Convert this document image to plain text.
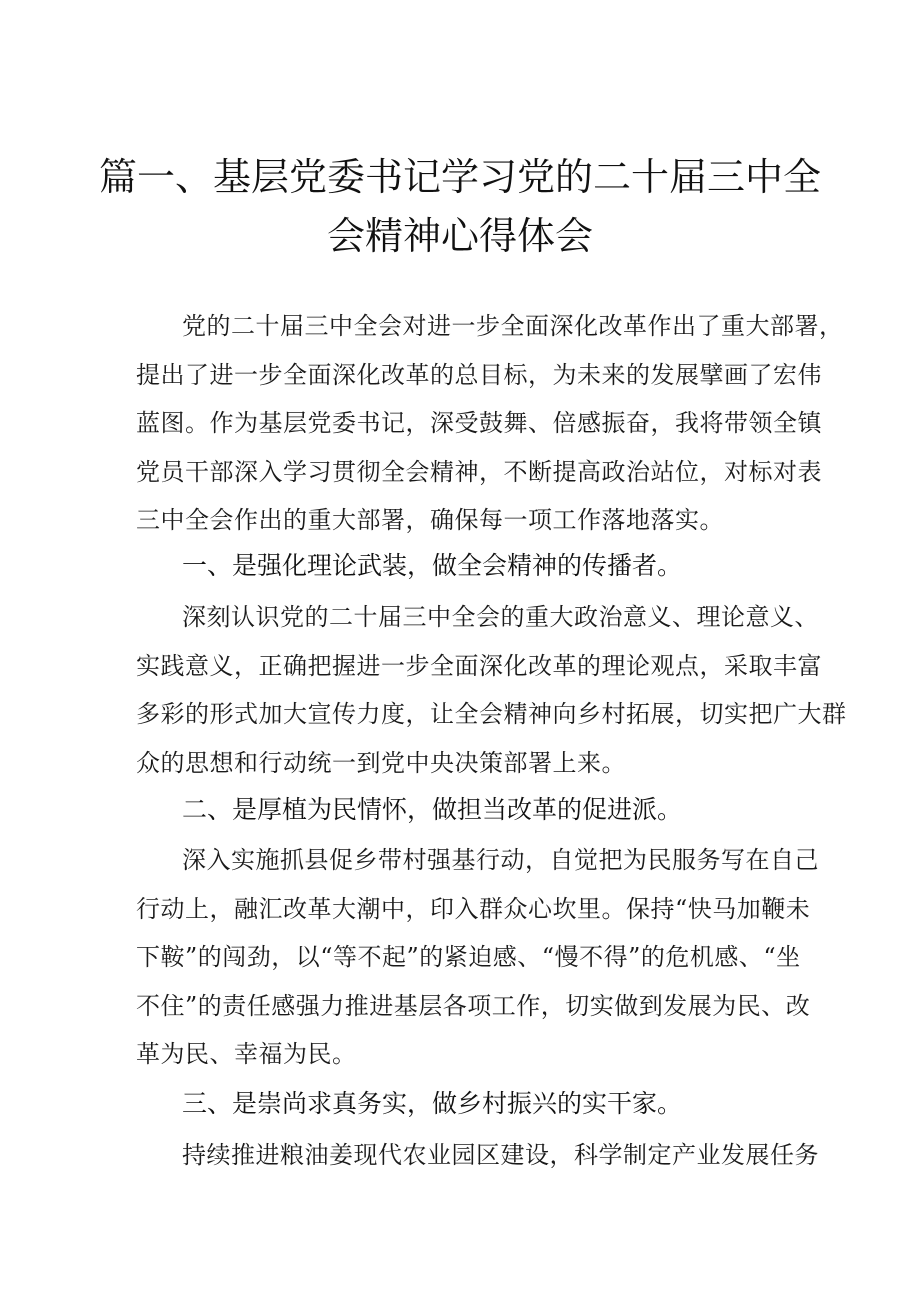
篇一、基层党委书记学习党的二十届三中全
会精神心得体会
党的二十届三中全会对进一步全面深化改革作出了重大部署，
提出了进一步全面深化改革的总目标，为未来的发展擘画了宏伟
蓝图。作为基层党委书记，深受鼓舞、倍感振奋，我将带领全镇
党员干部深入学习贯彻全会精神，不断提高政治站位，对标对表
三中全会作出的重大部署，确保每一项工作落地落实。
一、是强化理论武装，做全会精神的传播者。
深刻认识党的二十届三中全会的重大政治意义、理论意义、
实践意义，正确把握进一步全面深化改革的理论观点，采取丰富
多彩的形式加大宣传力度，让全会精神向乡村拓展，切实把广大群
众的思想和行动统一到党中央决策部署上来。
二、是厚植为民情怀，做担当改革的促进派。
深入实施抓县促乡带村强基行动，自觉把为民服务写在自己
行动上，融汇改革大潮中，印入群众心坎里。保持“快马加鞭未
下鞍”的闯劲，以“等不起”的紧迫感、“慢不得”的危机感、“坐
不住”的责任感强力推进基层各项工作，切实做到发展为民、改
革为民、幸福为民。
三、是崇尚求真务实，做乡村振兴的实干家。
持续推进粮油姜现代农业园区建设，科学制定产业发展任务
